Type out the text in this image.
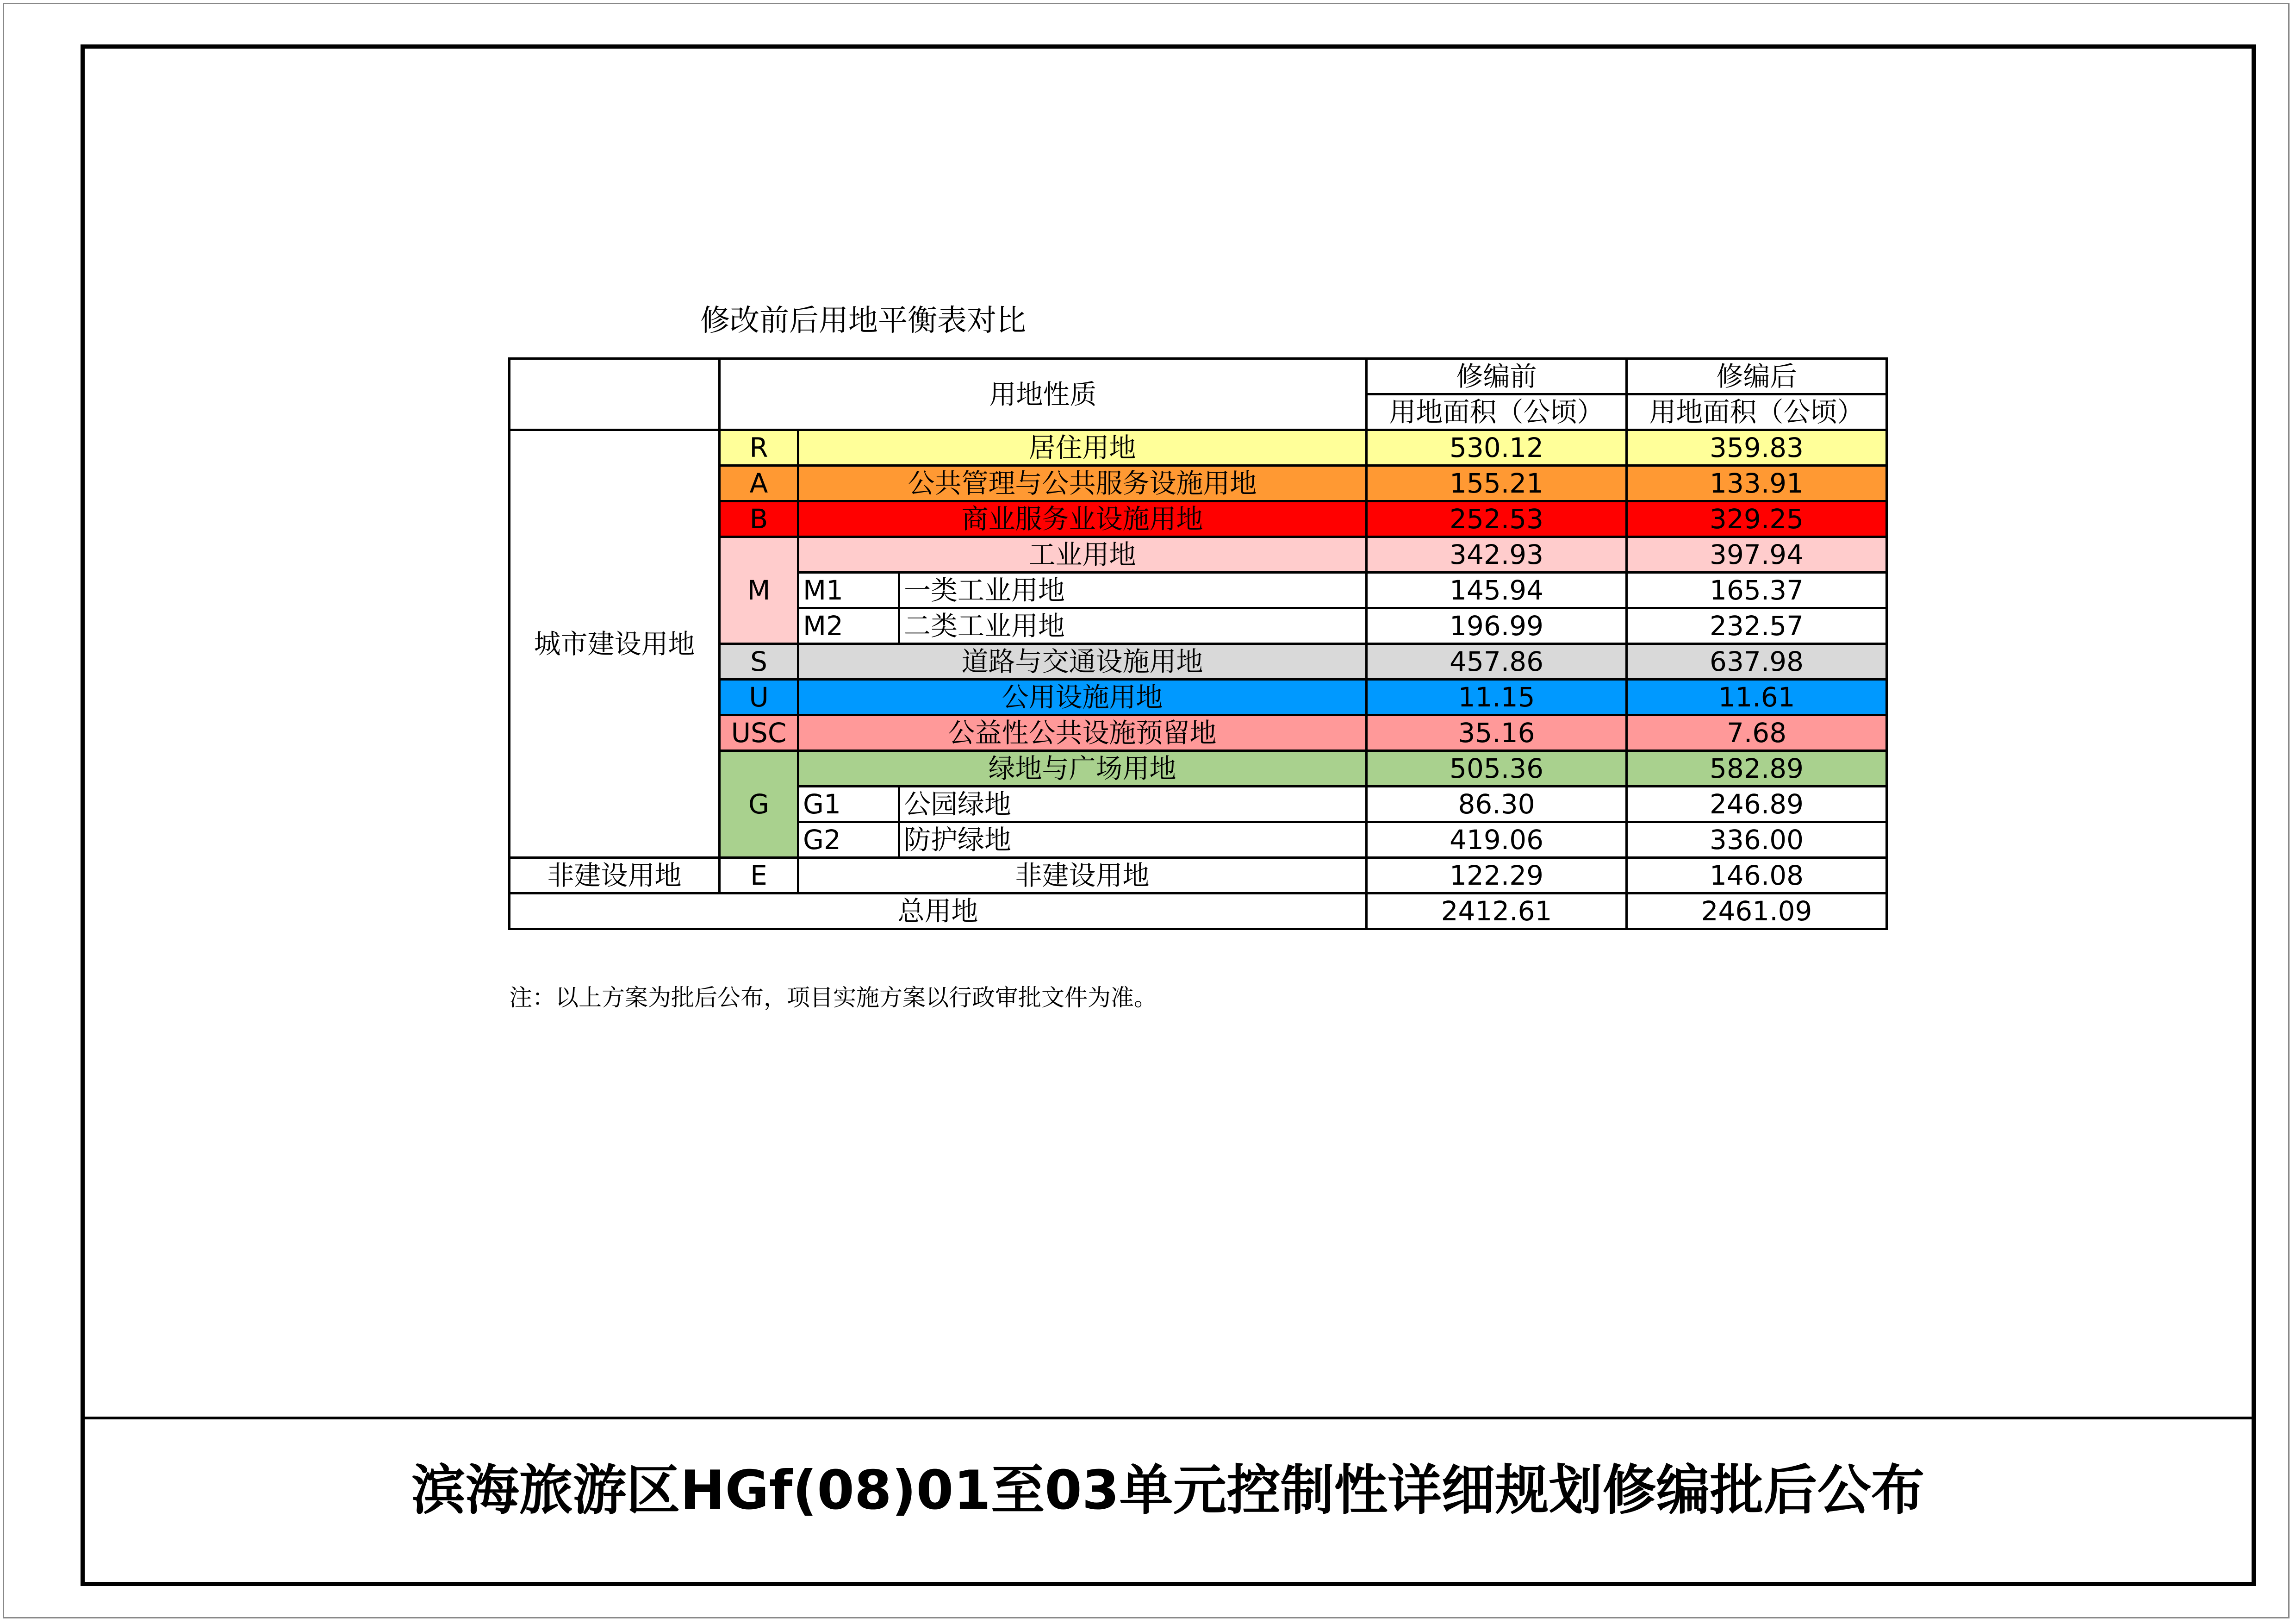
修改前后用地平衡表对比
	用地性质			修编前	修编后
				用地面积（公顷）	用地面积（公顷）
城市建设用地	R	居住用地		530.12	359.83
	A	公共管理与公共服务设施用地		155.21	133.91
	B	商业服务业设施用地		252.53	329.25
	M	工业用地		342.93	397.94
		M1	一类工业用地	145.94	165.37
		M2	二类工业用地	196.99	232.57
	S	道路与交通设施用地		457.86	637.98
	U	公用设施用地		11.15	11.61
	USC	公益性公共设施预留地		35.16	7.68
	G	绿地与广场用地		505.36	582.89
		G1	公园绿地	86.30	246.89
		G2	防护绿地	419.06	336.00
非建设用地	E	非建设用地		122.29	146.08
总用地				2412.61	2461.09
注：以上方案为批后公布，项目实施方案以行政审批文件为准。
滨海旅游区HGf(08)01至03单元控制性详细规划修编批后公布
